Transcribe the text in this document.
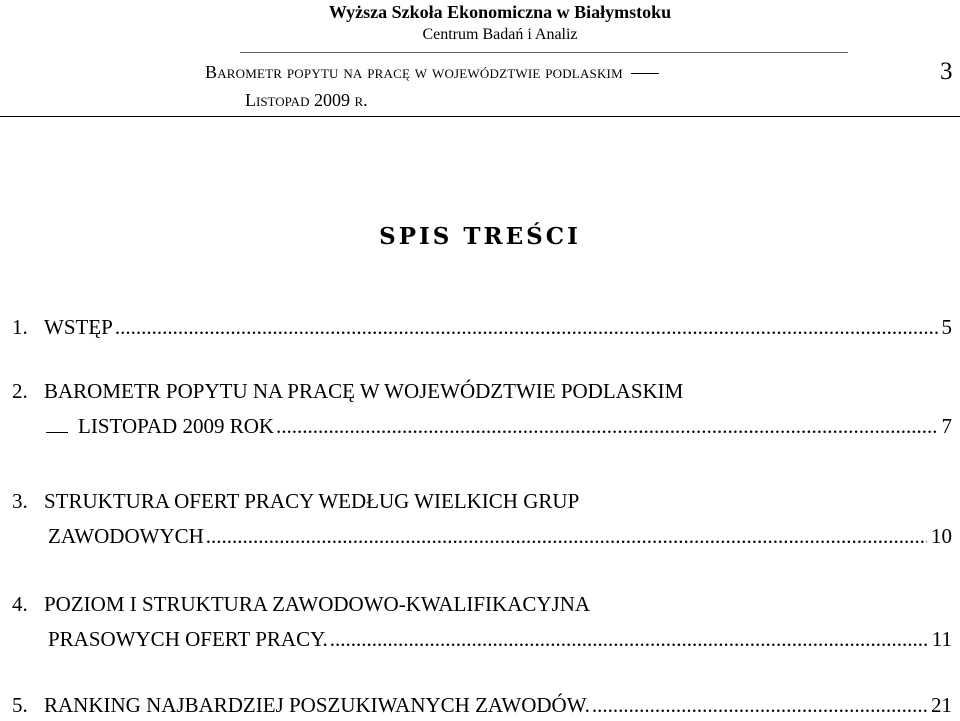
Wyższa Szkoła Ekonomiczna w Białymstoku
Centrum Badań i Analiz
Barometr popytu na pracę w województwie podlaskim
Listopad 2009 r.
3
SPIS TREŚCI
1. WSTĘP .....	5
2. BAROMETR POPYTU NA PRACĘ W WOJEWÓDZTWIE PODLASKIM
LISTOPAD 2009 ROK .....	7
3. STRUKTURA OFERT PRACY WEDŁUG WIELKICH GRUP
ZAWODOWYCH .....	10
4. POZIOM I STRUKTURA ZAWODOWO-KWALIFIKACYJNA
PRASOWYCH OFERT PRACY. .....	11
5. RANKING NAJBARDZIEJ POSZUKIWANYCH ZAWODÓW. .....	21
